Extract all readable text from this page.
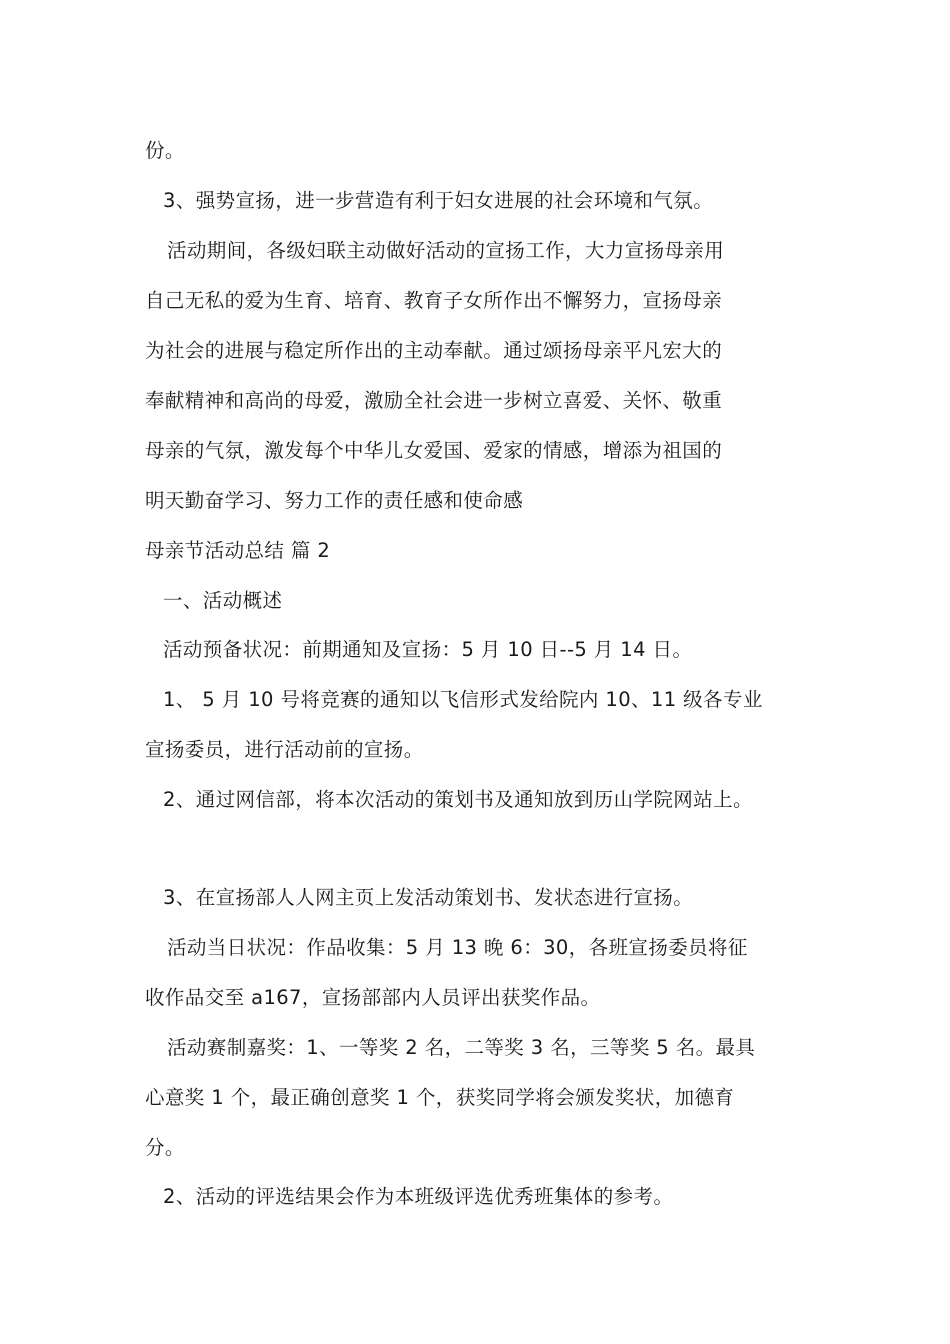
份。
3、强势宣扬，进一步营造有利于妇女进展的社会环境和气氛。
活动期间，各级妇联主动做好活动的宣扬工作，大力宣扬母亲用
自己无私的爱为生育、培育、教育子女所作出不懈努力，宣扬母亲
为社会的进展与稳定所作出的主动奉献。通过颂扬母亲平凡宏大的
奉献精神和高尚的母爱，激励全社会进一步树立喜爱、关怀、敬重
母亲的气氛，激发每个中华儿女爱国、爱家的情感，增添为祖国的
明天勤奋学习、努力工作的责任感和使命感
母亲节活动总结 篇 2
一、活动概述
活动预备状况：前期通知及宣扬：5 月 10 日--5 月 14 日。
1、 5 月 10 号将竞赛的通知以飞信形式发给院内 10、11 级各专业
宣扬委员，进行活动前的宣扬。
2、通过网信部，将本次活动的策划书及通知放到历山学院网站上。
3、在宣扬部人人网主页上发活动策划书、发状态进行宣扬。
活动当日状况：作品收集：5 月 13 晚 6：30，各班宣扬委员将征
收作品交至 a167，宣扬部部内人员评出获奖作品。
活动赛制嘉奖：1、一等奖 2 名，二等奖 3 名，三等奖 5 名。最具
心意奖 1 个，最正确创意奖 1 个，获奖同学将会颁发奖状，加德育
分。
2、活动的评选结果会作为本班级评选优秀班集体的参考。
